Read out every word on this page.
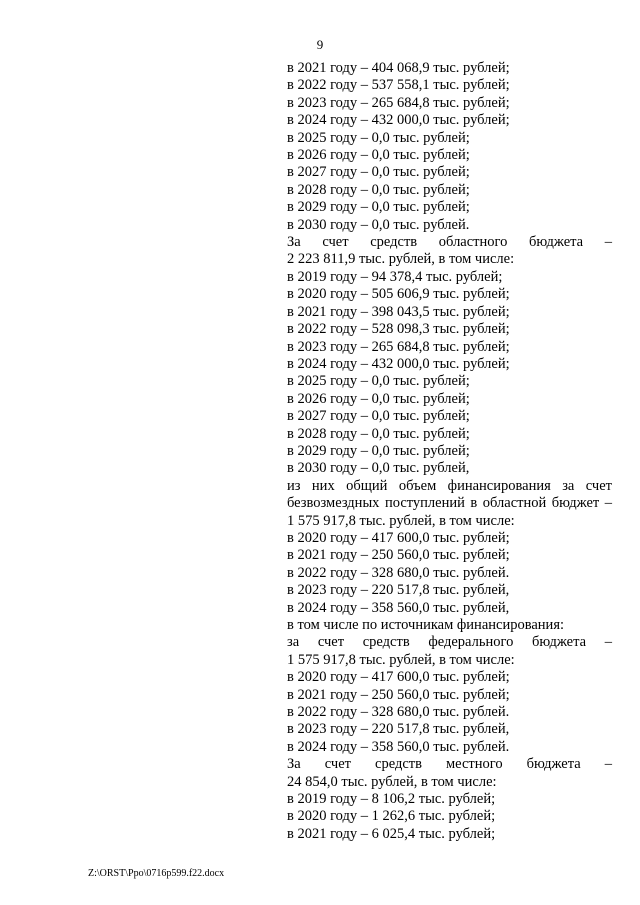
9
в 2021 году – 404 068,9 тыс. рублей;
в 2022 году – 537 558,1 тыс. рублей;
в 2023 году – 265 684,8 тыс. рублей;
в 2024 году – 432 000,0 тыс. рублей;
в 2025 году – 0,0 тыс. рублей;
в 2026 году – 0,0 тыс. рублей;
в 2027 году – 0,0 тыс. рублей;
в 2028 году – 0,0 тыс. рублей;
в 2029 году – 0,0 тыс. рублей;
в 2030 году – 0,0 тыс. рублей.
За счет средств областного бюджета –
2 223 811,9 тыс. рублей, в том числе:
в 2019 году – 94 378,4 тыс. рублей;
в 2020 году – 505 606,9 тыс. рублей;
в 2021 году – 398 043,5 тыс. рублей;
в 2022 году – 528 098,3 тыс. рублей;
в 2023 году – 265 684,8 тыс. рублей;
в 2024 году – 432 000,0 тыс. рублей;
в 2025 году – 0,0 тыс. рублей;
в 2026 году – 0,0 тыс. рублей;
в 2027 году – 0,0 тыс. рублей;
в 2028 году – 0,0 тыс. рублей;
в 2029 году – 0,0 тыс. рублей;
в 2030 году – 0,0 тыс. рублей,
из них общий объем финансирования за счет
безвозмездных поступлений в областной бюджет –
1 575 917,8 тыс. рублей, в том числе:
в 2020 году – 417 600,0 тыс. рублей;
в 2021 году – 250 560,0 тыс. рублей;
в 2022 году – 328 680,0 тыс. рублей.
в 2023 году – 220 517,8 тыс. рублей,
в 2024 году – 358 560,0 тыс. рублей,
в том числе по источникам финансирования:
за счет средств федерального бюджета –
1 575 917,8 тыс. рублей, в том числе:
в 2020 году – 417 600,0 тыс. рублей;
в 2021 году – 250 560,0 тыс. рублей;
в 2022 году – 328 680,0 тыс. рублей.
в 2023 году – 220 517,8 тыс. рублей,
в 2024 году – 358 560,0 тыс. рублей.
За счет средств местного бюджета –
24 854,0 тыс. рублей, в том числе:
в 2019 году – 8 106,2 тыс. рублей;
в 2020 году – 1 262,6 тыс. рублей;
в 2021 году – 6 025,4 тыс. рублей;
Z:\ORST\Ppo\0716p599.f22.docx
